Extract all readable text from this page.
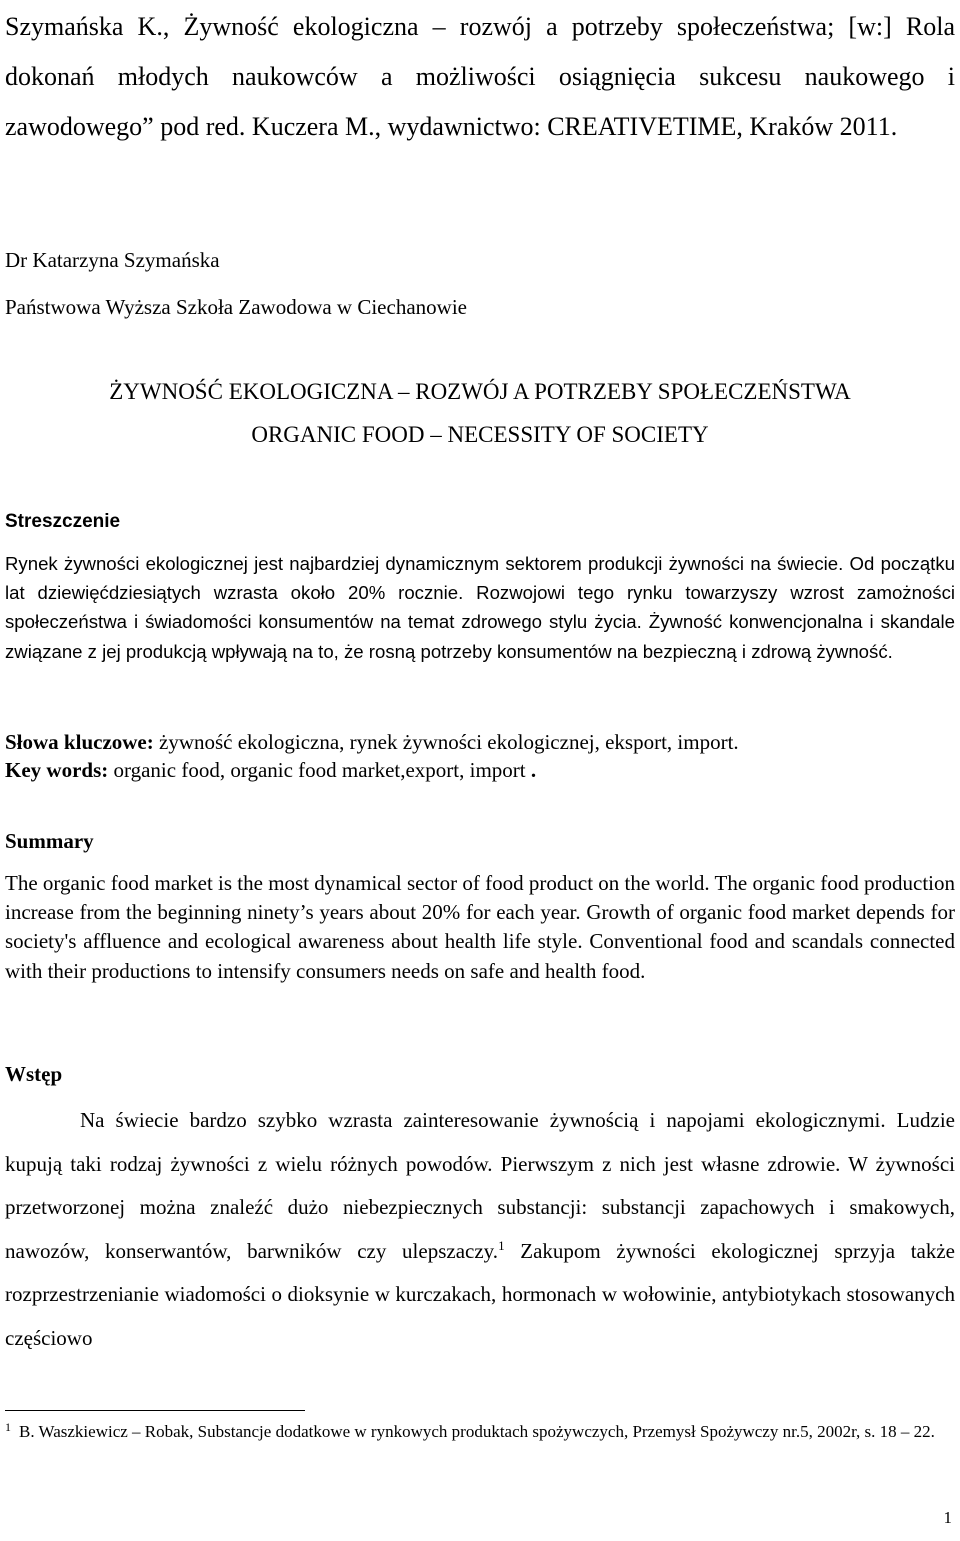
Szymańska K., Żywność ekologiczna – rozwój a potrzeby społeczeństwa; [w:] Rola dokonań młodych naukowców a możliwości osiągnięcia sukcesu naukowego i zawodowego” pod red. Kuczera M., wydawnictwo: CREATIVETIME, Kraków 2011.
Dr Katarzyna Szymańska
Państwowa Wyższa Szkoła Zawodowa w Ciechanowie
ŻYWNOŚĆ EKOLOGICZNA – ROZWÓJ A POTRZEBY SPOŁECZEŃSTWA
ORGANIC FOOD – NECESSITY OF SOCIETY
Streszczenie
Rynek żywności ekologicznej jest najbardziej dynamicznym sektorem produkcji żywności na świecie. Od początku lat dziewięćdziesiątych wzrasta około 20% rocznie. Rozwojowi tego rynku towarzyszy wzrost zamożności społeczeństwa i świadomości konsumentów na temat zdrowego stylu życia. Żywność konwencjonalna i skandale związane z jej produkcją wpływają na to, że rosną potrzeby konsumentów na bezpieczną i zdrową żywność.
Słowa kluczowe: żywność ekologiczna, rynek żywności ekologicznej, eksport, import.
Key words: organic food, organic food market,export, import .
Summary
The organic food market is the most dynamical sector of food product on the world. The organic food production increase from the beginning ninety’s years about 20% for each year. Growth of organic food market depends for society's affluence and ecological awareness about health life style. Conventional food and scandals connected with their productions to intensify consumers needs on safe and health food.
Wstęp
Na świecie bardzo szybko wzrasta zainteresowanie żywnością i napojami ekologicznymi. Ludzie kupują taki rodzaj żywności z wielu różnych powodów. Pierwszym z nich jest własne zdrowie. W żywności przetworzonej można znaleźć dużo niebezpiecznych substancji: substancji zapachowych i smakowych, nawozów, konserwantów, barwników czy ulepszaczy.$^1$ Zakupom żywności ekologicznej sprzyja także rozprzestrzenianie wiadomości o dioksynie w kurczakach, hormonach w wołowinie, antybiotykach stosowanych częściowo
$^1$ B. Waszkiewicz – Robak, Substancje dodatkowe w rynkowych produktach spożywczych, Przemysł Spożywczy nr.5, 2002r, s. 18 – 22.
1
